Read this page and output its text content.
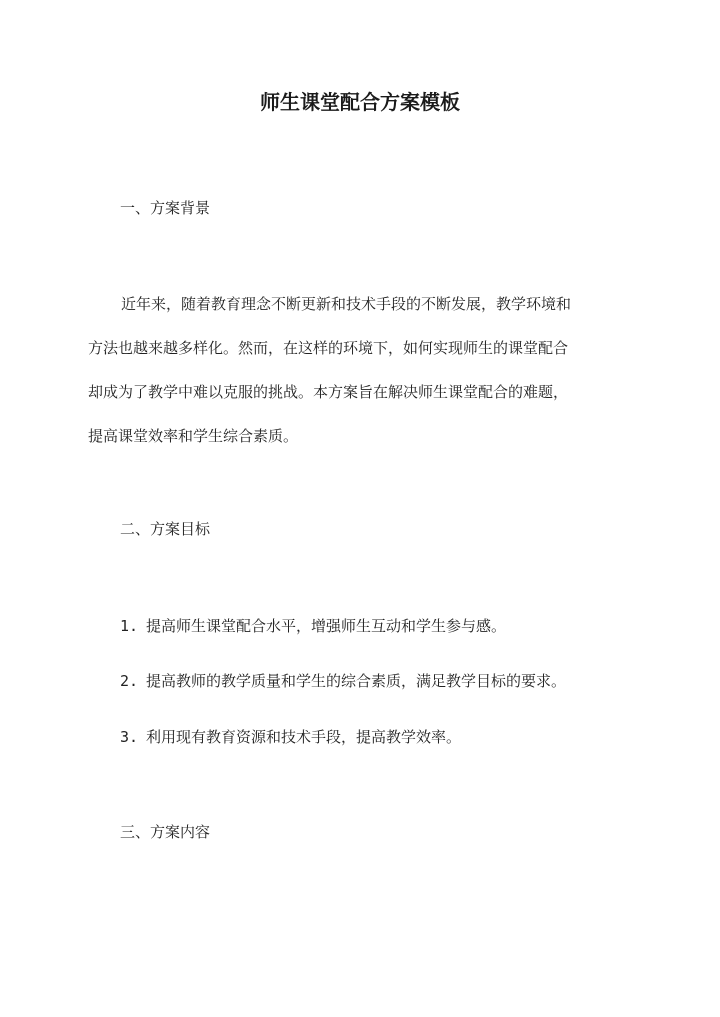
师生课堂配合方案模板
一、方案背景
近年来，随着教育理念不断更新和技术手段的不断发展，教学环境和
方法也越来越多样化。然而，在这样的环境下，如何实现师生的课堂配合
却成为了教学中难以克服的挑战。本方案旨在解决师生课堂配合的难题，
提高课堂效率和学生综合素质。
二、方案目标
1. 提高师生课堂配合水平，增强师生互动和学生参与感。
2. 提高教师的教学质量和学生的综合素质，满足教学目标的要求。
3. 利用现有教育资源和技术手段，提高教学效率。
三、方案内容
